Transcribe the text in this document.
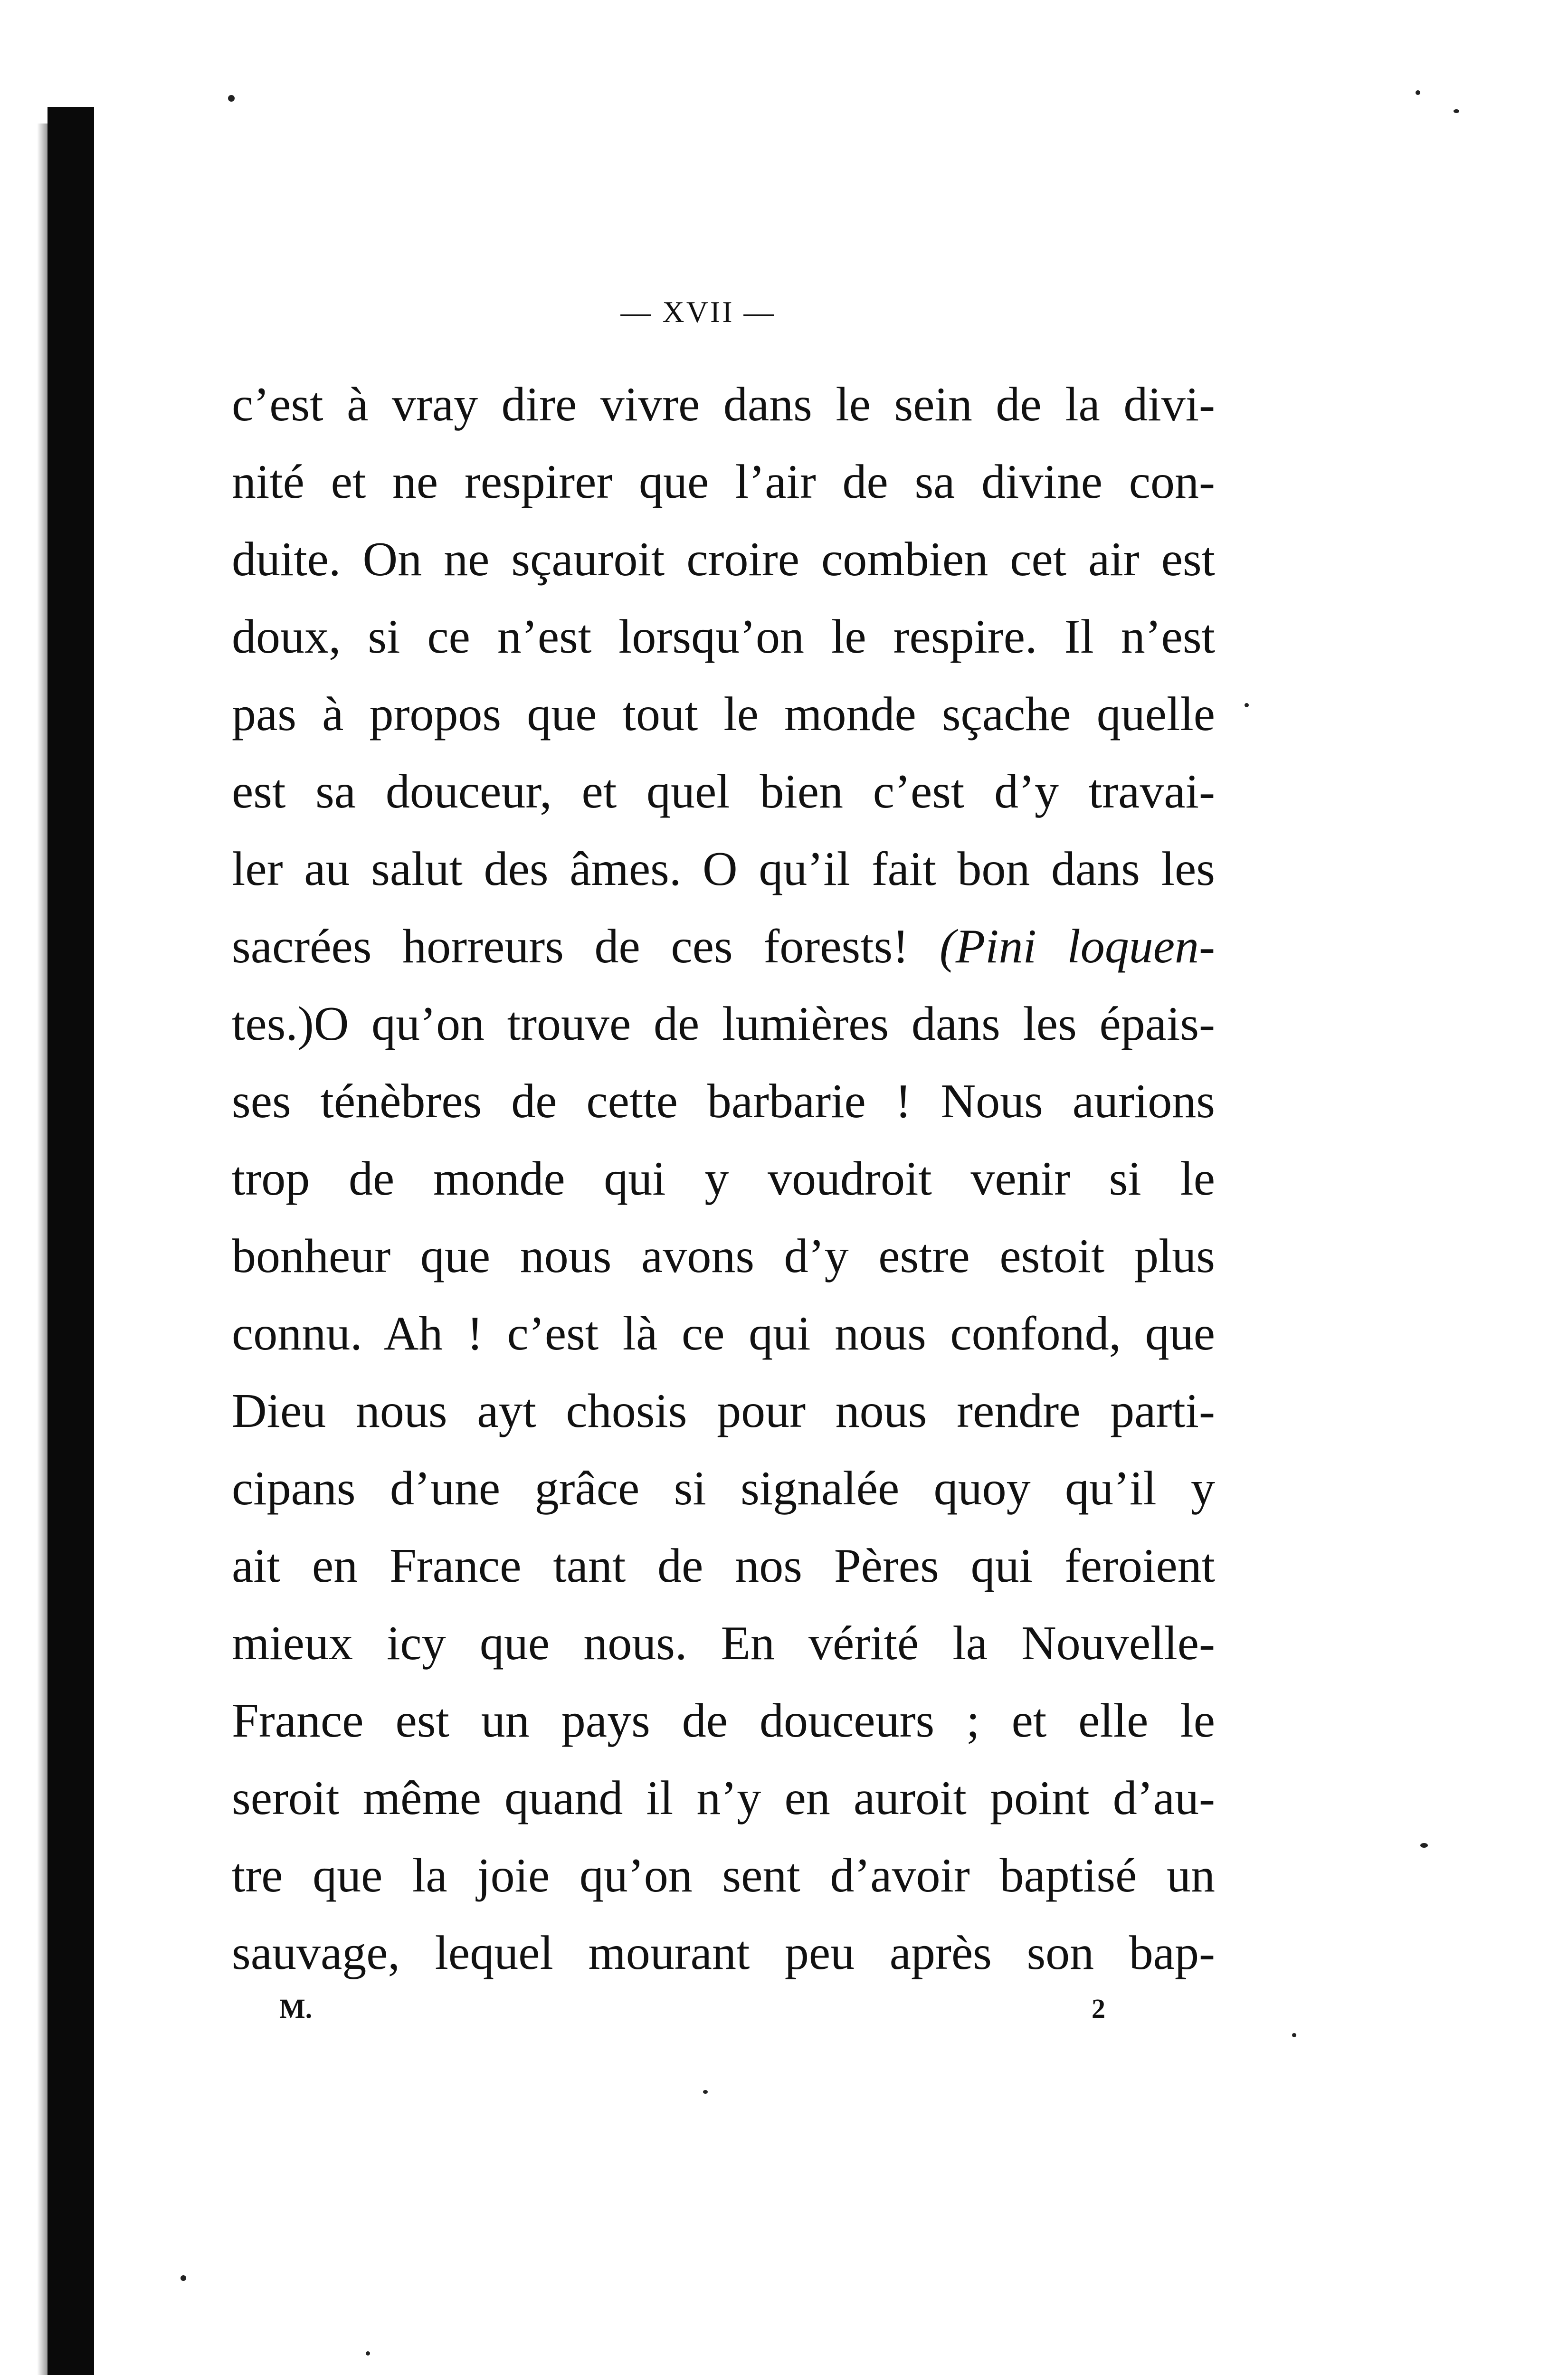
— XVII —
c’est à vray dire vivre dans le sein de la divi-
nité et ne respirer que l’air de sa divine con-
duite. On ne sçauroit croire combien cet air est
doux, si ce n’est lorsqu’on le respire. Il n’est
pas à propos que tout le monde sçache quelle
est sa douceur, et quel bien c’est d’y travai-
ler au salut des âmes. O qu’il fait bon dans les
sacrées horreurs de ces forests! (Pini loquen-
tes.)O qu’on trouve de lumières dans les épais-
ses ténèbres de cette barbarie ! Nous aurions
trop de monde qui y voudroit venir si le
bonheur que nous avons d’y estre estoit plus
connu. Ah ! c’est là ce qui nous confond, que
Dieu nous ayt chosis pour nous rendre parti-
cipans d’une grâce si signalée quoy qu’il y
ait en France tant de nos Pères qui feroient
mieux icy que nous. En vérité la Nouvelle-
France est un pays de douceurs ; et elle le
seroit même quand il n’y en auroit point d’au-
tre que la joie qu’on sent d’avoir baptisé un
sauvage, lequel mourant peu après son bap-
M.	2
